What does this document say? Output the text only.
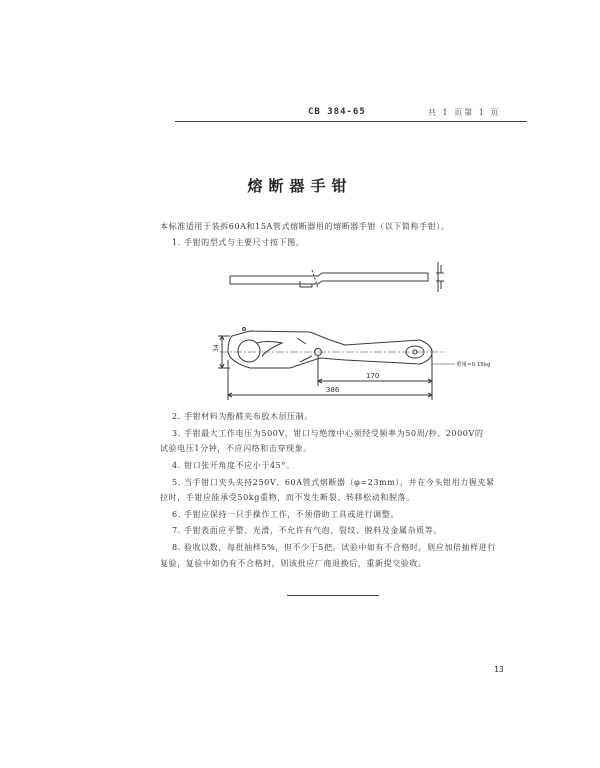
CB 384-65	共 1 页第 1 页
熔断器手钳
本标准适用于装拆60A和15A管式熔断器用的熔断器手钳（以下简称手钳）。
1. 手钳的型式与主要尺寸按下图。
34
170
386
重量≈0.15kg
2. 手钳材料为酚醛夹布胶木层压制。
3. 手钳最大工作电压为500V，钳口与绝缘中心须经受频率为50周/秒、2000V的
试验电压1分钟，不应闪络和击穿现象。
4. 钳口张开角度不应小于45°。
5. 当手钳口夹头夹持250V、60A管式熔断器（φ=23mm），并在今头钳用力握夹紧
拉时，手钳应能承受50kg重物，而不发生断裂、转移松动和脱落。
6. 手钳应保持一只手操作工作，不须借助工具或进行调整。
7. 手钳表面应平整、光滑，不允许有气泡、裂纹、脱料及金属杂质等。
8. 验收以数，每批抽样5%，但不少于5把。试验中如有不合格时，则应加倍抽样进行
复验，复验中如仍有不合格时，则该批应厂商退换后，重新提交验收。
13
